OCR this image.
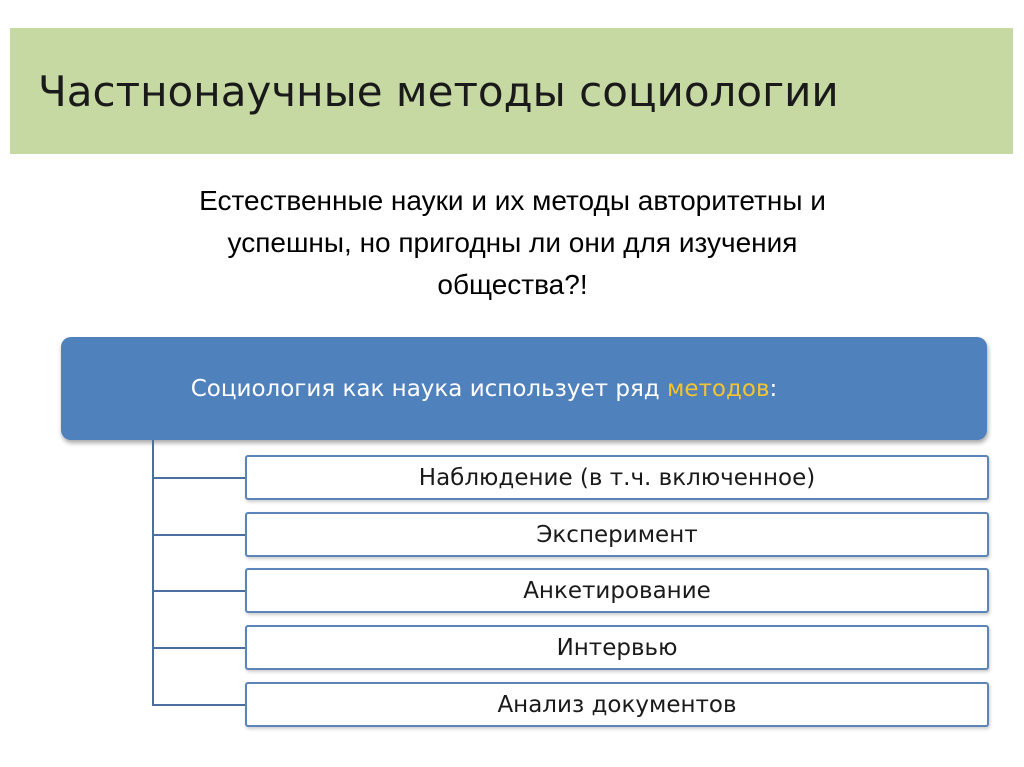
Частнонаучные методы социологии
Естественные науки и их методы авторитетны и
успешны, но пригодны ли они для изучения
общества?!
Социология как наука использует ряд методов:
Наблюдение (в т.ч. включенное)
Эксперимент
Анкетирование
Интервью
Анализ документов
